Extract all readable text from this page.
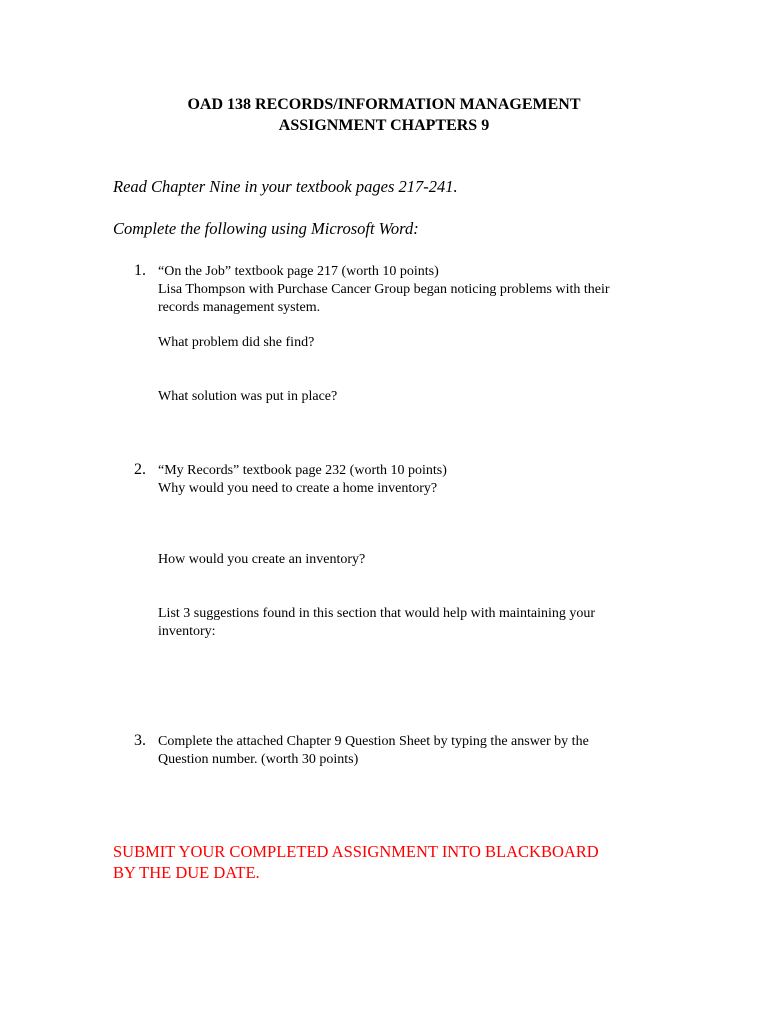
OAD 138 RECORDS/INFORMATION MANAGEMENT
ASSIGNMENT CHAPTERS 9
Read Chapter Nine in your textbook pages 217-241.
Complete the following using Microsoft Word:
1. “On the Job” textbook page 217 (worth 10 points)
Lisa Thompson with Purchase Cancer Group began noticing problems with their
records management system.
What problem did she find?
What solution was put in place?
2. “My Records” textbook page 232 (worth 10 points)
Why would you need to create a home inventory?
How would you create an inventory?
List 3 suggestions found in this section that would help with maintaining your
inventory:
3. Complete the attached Chapter 9 Question Sheet by typing the answer by the
Question number. (worth 30 points)
SUBMIT YOUR COMPLETED ASSIGNMENT INTO BLACKBOARD
BY THE DUE DATE.
